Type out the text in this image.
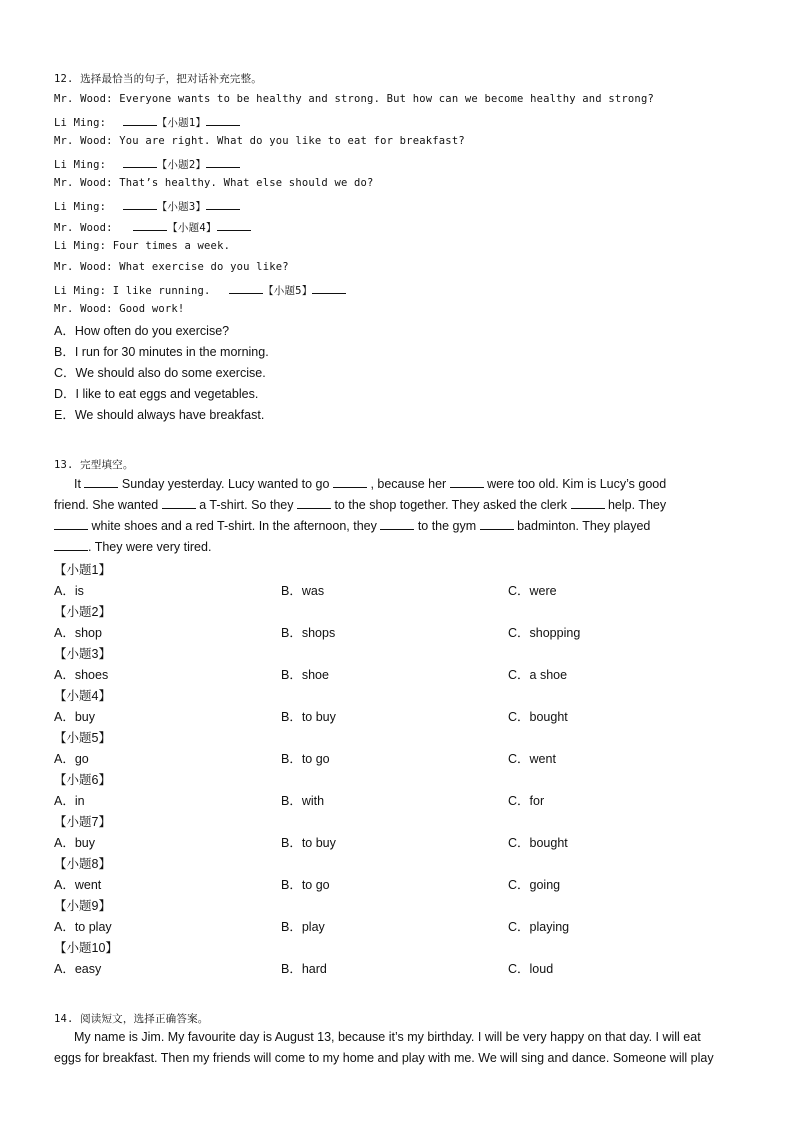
12. 选择最恰当的句子，把对话补充完整。
Mr. Wood: Everyone wants to be healthy and strong. But how can we become healthy and strong?
Li Ming:	【小题1】
Mr. Wood: You are right. What do you like to eat for breakfast?
Li Ming:	【小题2】
Mr. Wood: That’s healthy. What else should we do?
Li Ming:	【小题3】
Mr. Wood:	【小题4】
Li Ming: Four times a week.
Mr. Wood: What exercise do you like?
Li Ming: I like running.	【小题5】
Mr. Wood: Good work!
A．How often do you exercise?
B．I run for 30 minutes in the morning.
C．We should also do some exercise.
D．I like to eat eggs and vegetables.
E．We should always have breakfast.
13. 完型填空。
It	Sunday yesterday. Lucy wanted to go	, because her	were too old. Kim is Lucy’s good
friend. She wanted	a T-shirt. So they	to the shop together. They asked the clerk	help. They
white shoes and a red T-shirt. In the afternoon, they	to the gym	badminton. They played
. They were very tired.
【小题1】
A．is	B．was	C．were
【小题2】
A．shop	B．shops	C．shopping
【小题3】
A．shoes	B．shoe	C．a shoe
【小题4】
A．buy	B．to buy	C．bought
【小题5】
A．go	B．to go	C．went
【小题6】
A．in	B．with	C．for
【小题7】
A．buy	B．to buy	C．bought
【小题8】
A．went	B．to go	C．going
【小题9】
A．to play	B．play	C．playing
【小题10】
A．easy	B．hard	C．loud
14. 阅读短文，选择正确答案。
My name is Jim. My favourite day is August 13, because it’s my birthday. I will be very happy on that day. I will eat
eggs for breakfast. Then my friends will come to my home and play with me. We will sing and dance. Someone will play
